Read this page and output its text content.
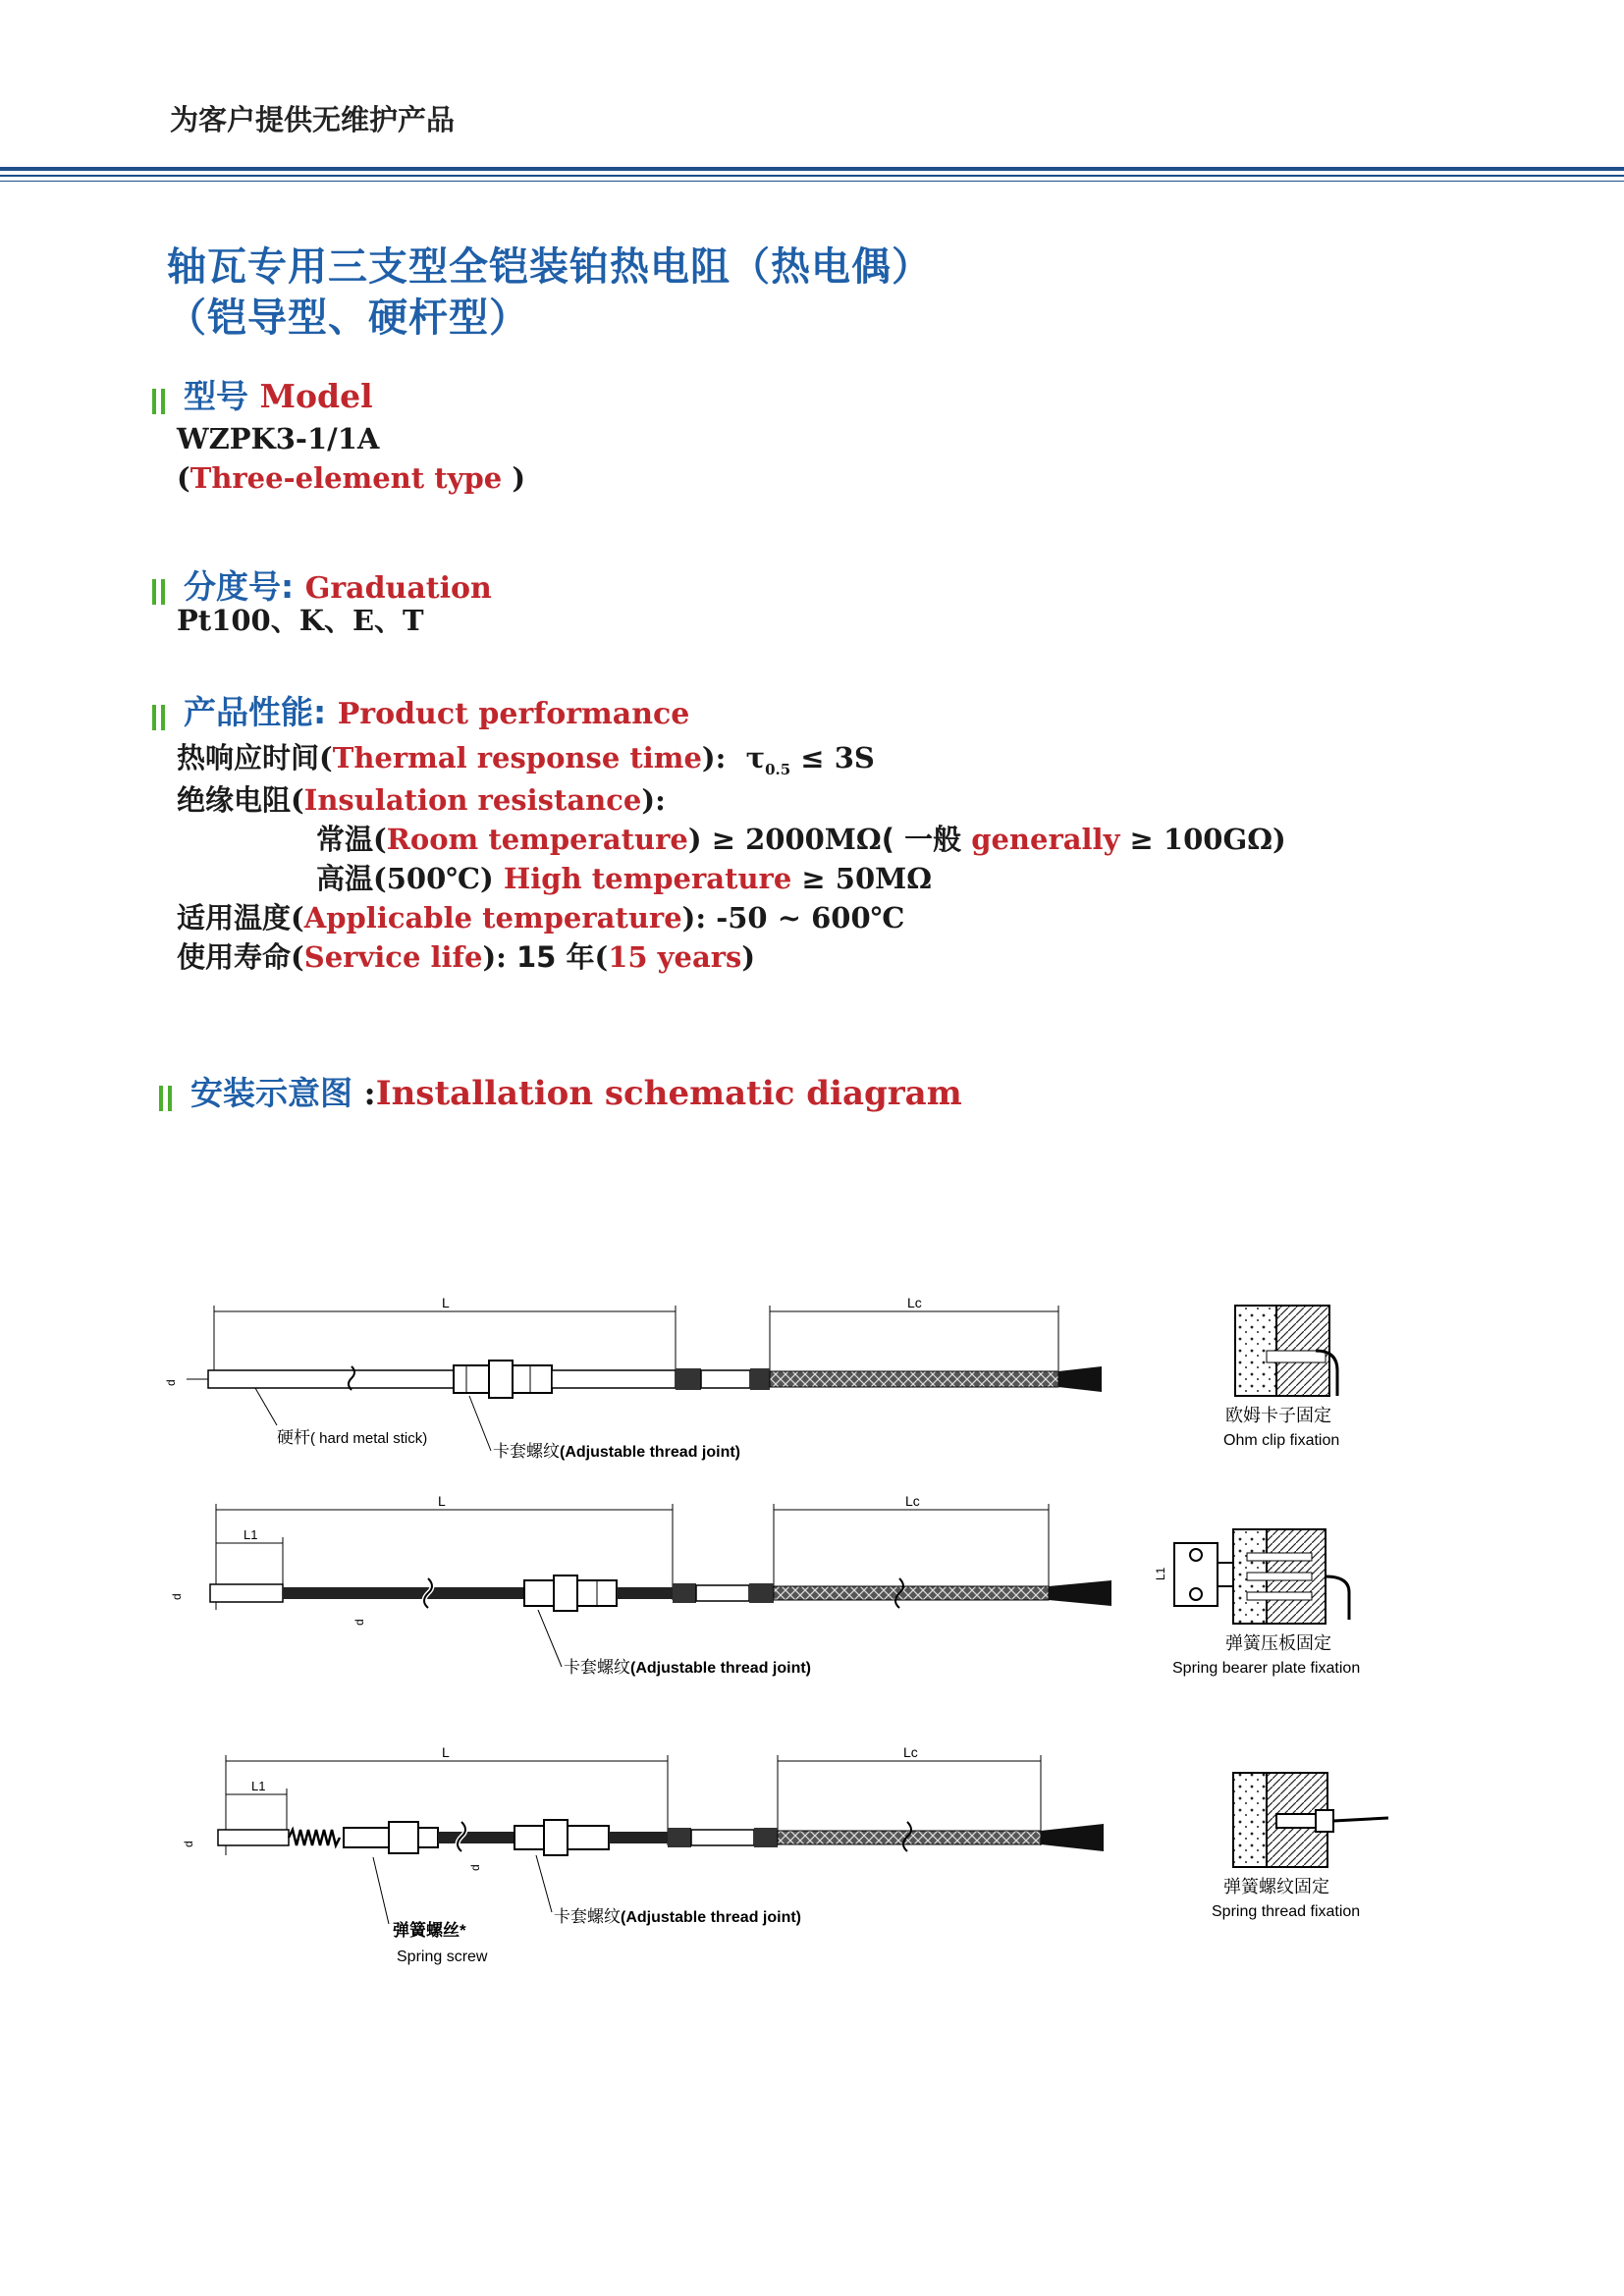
为客户提供无维护产品
轴瓦专用三支型全铠装铂热电阻（热电偶）
（铠导型、硬杆型）
型号 Model
WZPK3-1/1A
(Three-element type )
分度号: Graduation
Pt100、K、E、T
产品性能: Product performance
热响应时间(Thermal response time): $\tau_{0.5} \le 3S$
绝缘电阻(Insulation resistance):
常温(Room temperature) ≥ 2000MΩ( 一般 generally ≥ 100GΩ)
高温(500℃) High temperature ≥ 50MΩ
适用温度(Applicable temperature): -50 ~ 600℃
使用寿命(Service life): 15 年(15 years)
安装示意图 :Installation schematic diagram
L	Lc
d
硬杆( hard metal stick)
卡套螺纹(Adjustable thread joint)
欧姆卡子固定
Ohm clip fixation
L	Lc
L1
d
d
卡套螺纹(Adjustable thread joint)
L1
弹簧压板固定
Spring bearer plate fixation
L	Lc
L1
d
d
弹簧螺丝*
Spring screw
卡套螺纹(Adjustable thread joint)
弹簧螺纹固定
Spring thread fixation
